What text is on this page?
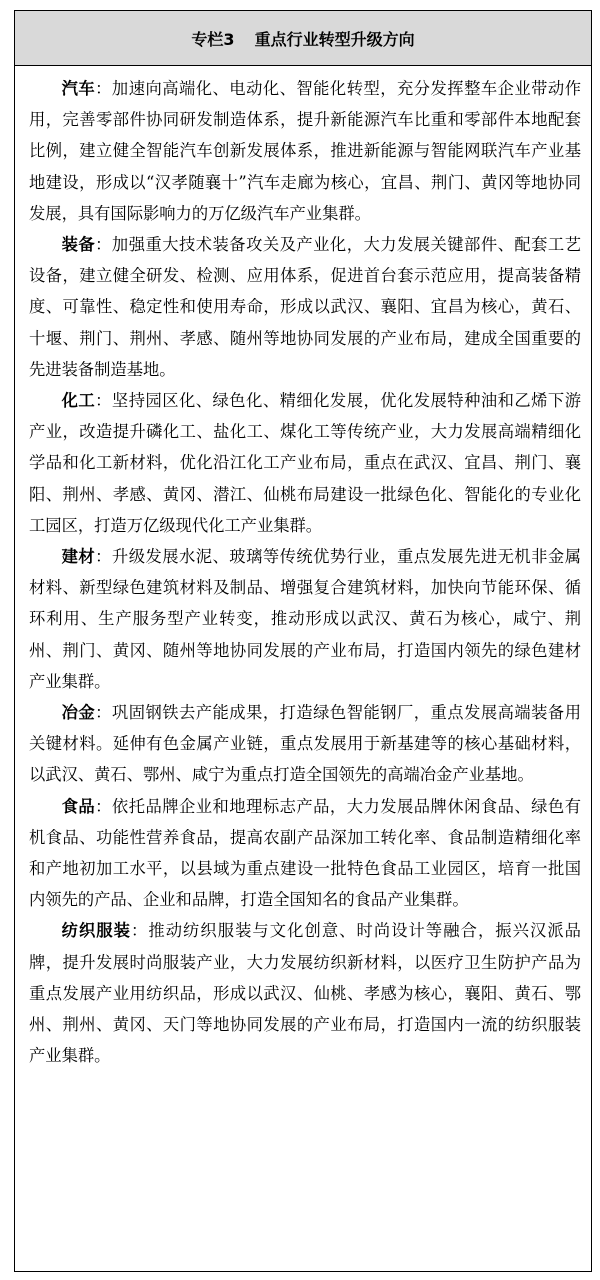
专栏3 重点行业转型升级方向

汽车：加速向高端化、电动化、智能化转型，充分发挥整车企业带动作用，完善零部件协同研发制造体系，提升新能源汽车比重和零部件本地配套比例，建立健全智能汽车创新发展体系，推进新能源与智能网联汽车产业基地建设，形成以“汉孝随襄十”汽车走廊为核心，宜昌、荆门、黄冈等地协同发展，具有国际影响力的万亿级汽车产业集群。

装备：加强重大技术装备攻关及产业化，大力发展关键部件、配套工艺设备，建立健全研发、检测、应用体系，促进首台套示范应用，提高装备精度、可靠性、稳定性和使用寿命，形成以武汉、襄阳、宜昌为核心，黄石、十堰、荆门、荆州、孝感、随州等地协同发展的产业布局，建成全国重要的先进装备制造基地。

化工：坚持园区化、绿色化、精细化发展，优化发展特种油和乙烯下游产业，改造提升磷化工、盐化工、煤化工等传统产业，大力发展高端精细化学品和化工新材料，优化沿江化工产业布局，重点在武汉、宜昌、荆门、襄阳、荆州、孝感、黄冈、潜江、仙桃布局建设一批绿色化、智能化的专业化工园区，打造万亿级现代化工产业集群。

建材：升级发展水泥、玻璃等传统优势行业，重点发展先进无机非金属材料、新型绿色建筑材料及制品、增强复合建筑材料，加快向节能环保、循环利用、生产服务型产业转变，推动形成以武汉、黄石为核心，咸宁、荆州、荆门、黄冈、随州等地协同发展的产业布局，打造国内领先的绿色建材产业集群。

冶金：巩固钢铁去产能成果，打造绿色智能钢厂，重点发展高端装备用关键材料。延伸有色金属产业链，重点发展用于新基建等的核心基础材料，以武汉、黄石、鄂州、咸宁为重点打造全国领先的高端冶金产业基地。

食品：依托品牌企业和地理标志产品，大力发展品牌休闲食品、绿色有机食品、功能性营养食品，提高农副产品深加工转化率、食品制造精细化率和产地初加工水平，以县域为重点建设一批特色食品工业园区，培育一批国内领先的产品、企业和品牌，打造全国知名的食品产业集群。

纺织服装：推动纺织服装与文化创意、时尚设计等融合，振兴汉派品牌，提升发展时尚服装产业，大力发展纺织新材料，以医疗卫生防护产品为重点发展产业用纺织品，形成以武汉、仙桃、孝感为核心，襄阳、黄石、鄂州、荆州、黄冈、天门等地协同发展的产业布局，打造国内一流的纺织服装产业集群。
